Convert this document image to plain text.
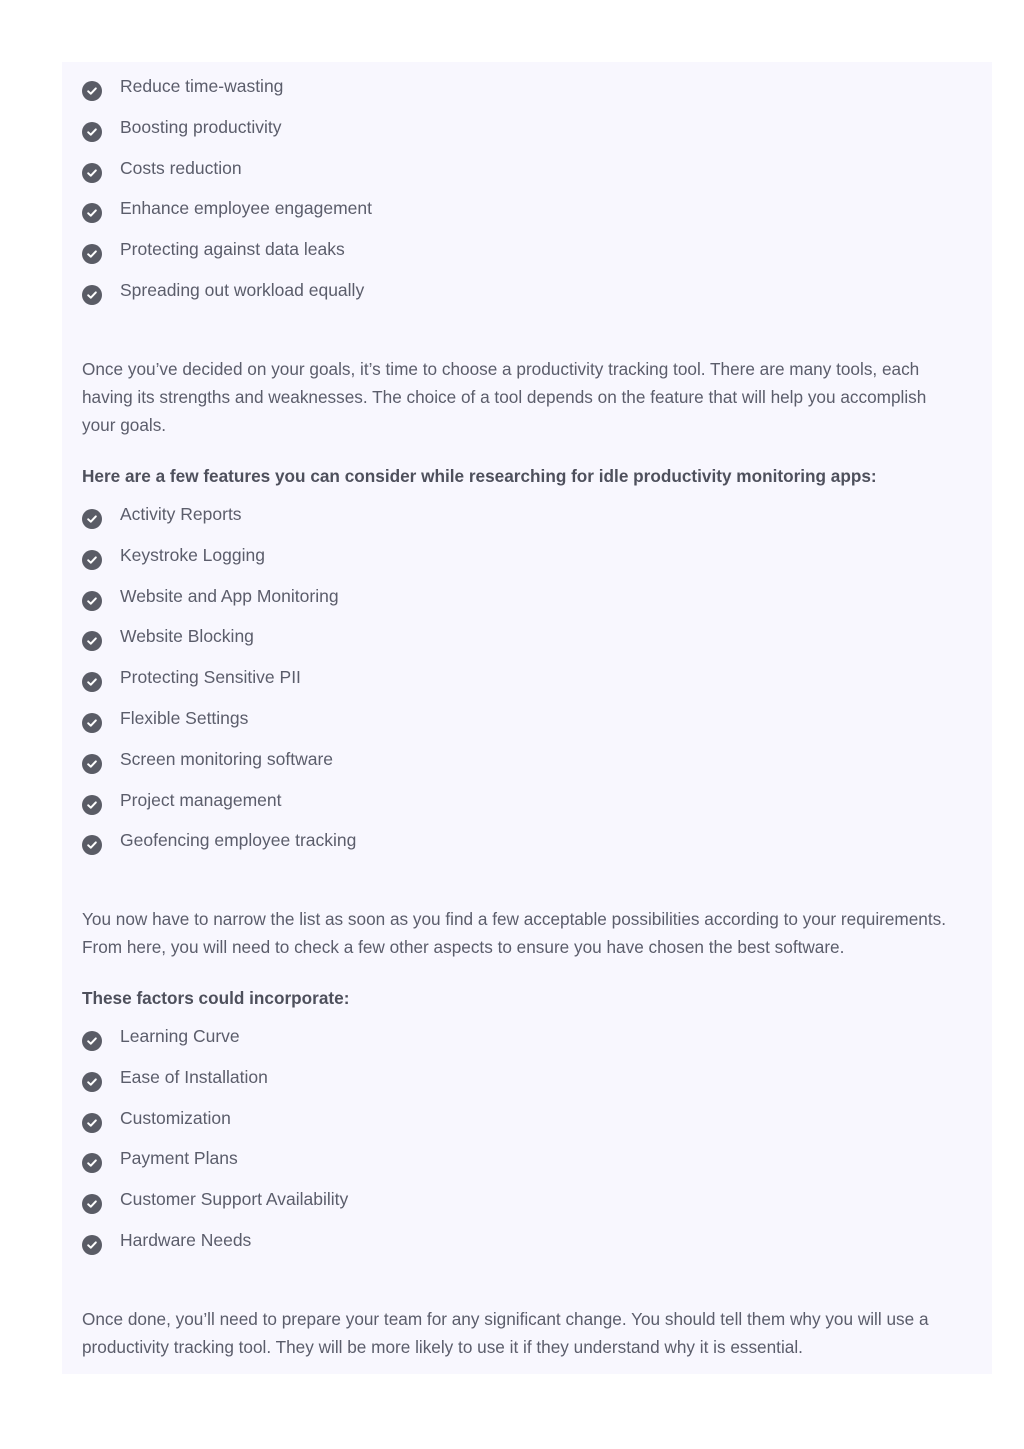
Reduce time-wasting
Boosting productivity
Costs reduction
Enhance employee engagement
Protecting against data leaks
Spreading out workload equally

Once you’ve decided on your goals, it’s time to choose a productivity tracking tool. There are many tools, each having its strengths and weaknesses. The choice of a tool depends on the feature that will help you accomplish your goals.

Here are a few features you can consider while researching for idle productivity monitoring apps:

Activity Reports
Keystroke Logging
Website and App Monitoring
Website Blocking
Protecting Sensitive PII
Flexible Settings
Screen monitoring software
Project management
Geofencing employee tracking

You now have to narrow the list as soon as you find a few acceptable possibilities according to your requirements. From here, you will need to check a few other aspects to ensure you have chosen the best software.

These factors could incorporate:

Learning Curve
Ease of Installation
Customization
Payment Plans
Customer Support Availability
Hardware Needs

Once done, you’ll need to prepare your team for any significant change. You should tell them why you will use a productivity tracking tool. They will be more likely to use it if they understand why it is essential.
